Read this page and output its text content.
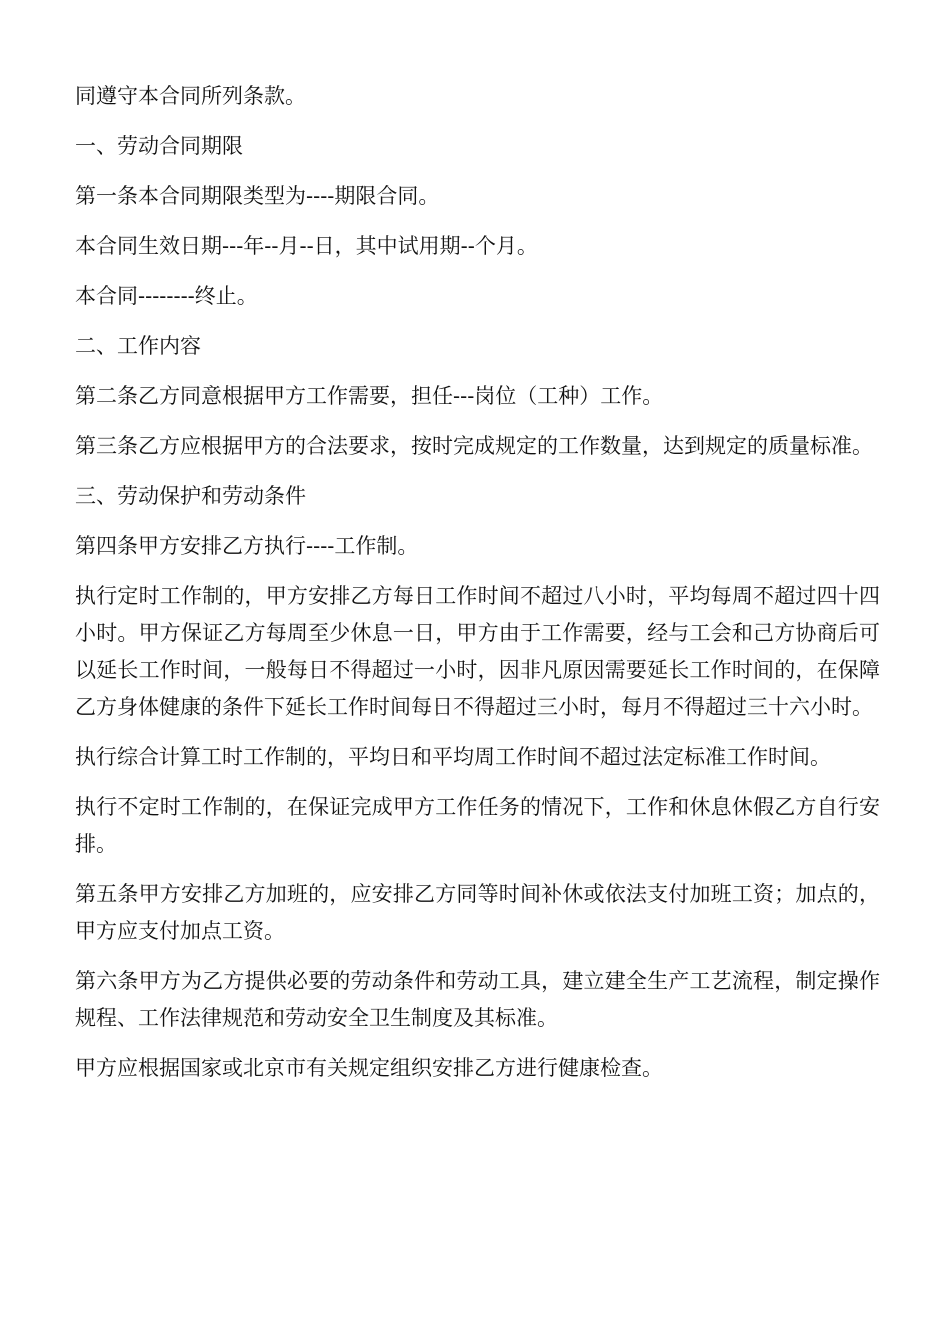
同遵守本合同所列条款。

一、劳动合同期限

第一条本合同期限类型为----期限合同。

本合同生效日期---年--月--日，其中试用期--个月。

本合同--------终止。

二、工作内容

第二条乙方同意根据甲方工作需要，担任---岗位（工种）工作。

第三条乙方应根据甲方的合法要求，按时完成规定的工作数量，达到规定的质量标准。

三、劳动保护和劳动条件

第四条甲方安排乙方执行----工作制。

执行定时工作制的，甲方安排乙方每日工作时间不超过八小时，平均每周不超过四十四小时。甲方保证乙方每周至少休息一日，甲方由于工作需要，经与工会和己方协商后可以延长工作时间，一般每日不得超过一小时，因非凡原因需要延长工作时间的，在保障乙方身体健康的条件下延长工作时间每日不得超过三小时，每月不得超过三十六小时。

执行综合计算工时工作制的，平均日和平均周工作时间不超过法定标准工作时间。

执行不定时工作制的，在保证完成甲方工作任务的情况下，工作和休息休假乙方自行安排。

第五条甲方安排乙方加班的，应安排乙方同等时间补休或依法支付加班工资；加点的，甲方应支付加点工资。

第六条甲方为乙方提供必要的劳动条件和劳动工具，建立建全生产工艺流程，制定操作规程、工作法律规范和劳动安全卫生制度及其标准。

甲方应根据国家或北京市有关规定组织安排乙方进行健康检查。
